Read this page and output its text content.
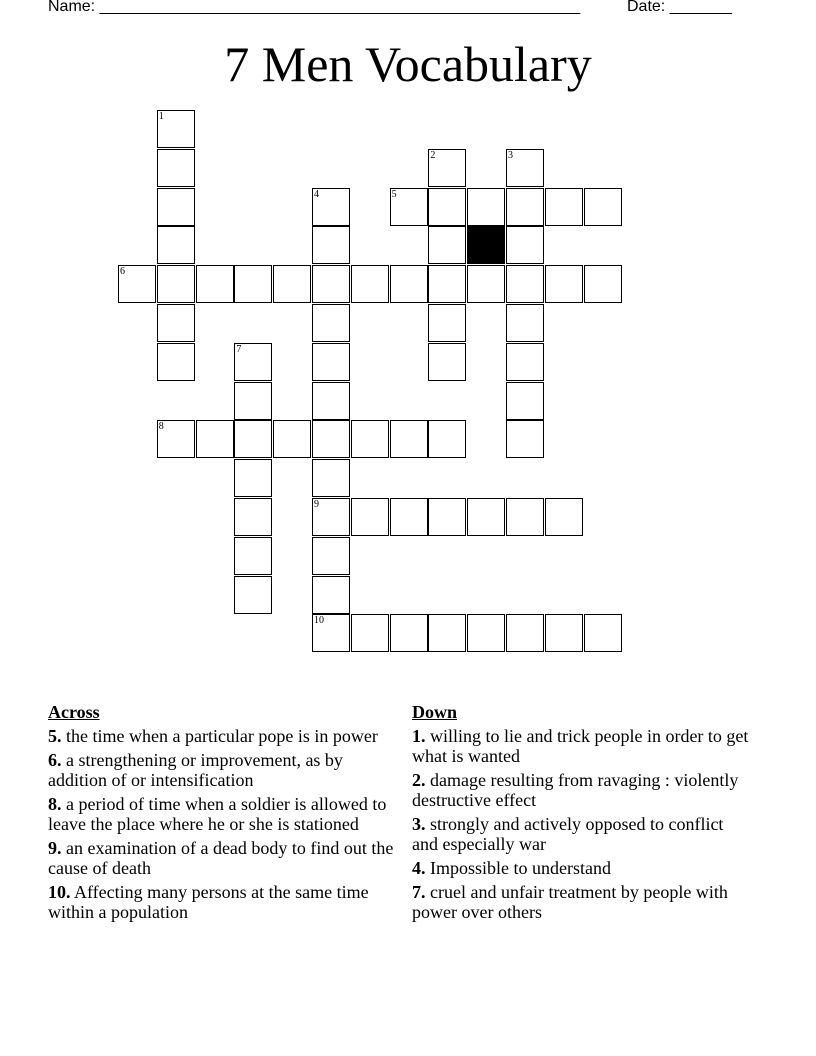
Name: ______________________________________________________	Date: _______
7 Men Vocabulary
1
2	3
4	5
6
7
8
9
10
Across
5. the time when a particular pope is in power
6. a strengthening or improvement, as by addition of or intensification
8. a period of time when a soldier is allowed to leave the place where he or she is stationed
9. an examination of a dead body to find out the cause of death
10. Affecting many persons at the same time within a population
Down
1. willing to lie and trick people in order to get what is wanted
2. damage resulting from ravaging : violently destructive effect
3. strongly and actively opposed to conflict and especially war
4. Impossible to understand
7. cruel and unfair treatment by people with power over others
